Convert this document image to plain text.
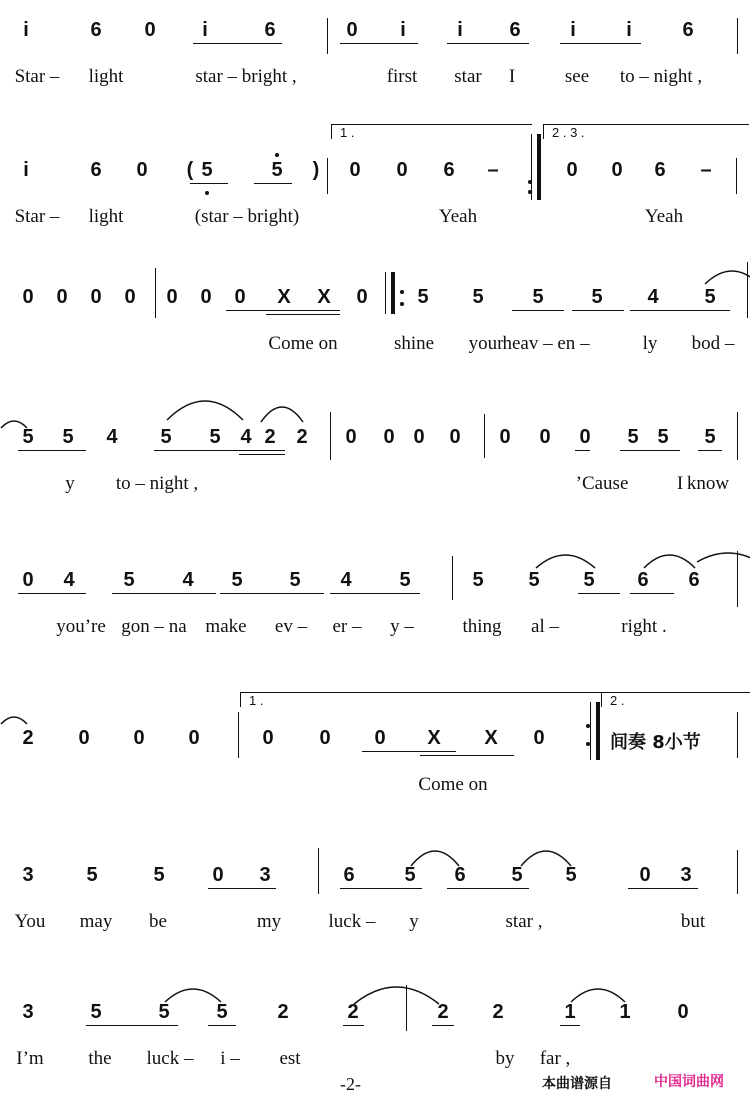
i	6 0 i	6	0 i	i 6 i	i	6
Star – light	star – bright ,	first star I	see to – night ,
i	6 0 ( 5	5 ) 0 0 6 –	0 0 6 –
Star – light	(star – bright)	Yeah	Yeah
1 .	2 . 3 .
0 0 0 0 0 0 0 X X 0 5 5 5 5 4 5
Come on	shine your heav – en –	ly bod –
5 5 4 5 5 4 2 2 0 0 0 0 0 0 0 5 5 5
y to – night ,	’Cause	I know
0 4 5 4 5 5 4 5	5 5 5 6 6
you’re gon – na make ev – er – y –	thing al –	right .
2 0 0 0	0 0 0 X X 0
Come on
1 .	2 .
间奏 8小节
3	5	5 0 3	6 5 6 5 5	0 3
You may be	my luck – y	star ,	but
3	5	5 5 2	2	2 2	1 1 0
I’m the luck – i – est	by far ,
-2-	本曲谱源自	中国词曲网
